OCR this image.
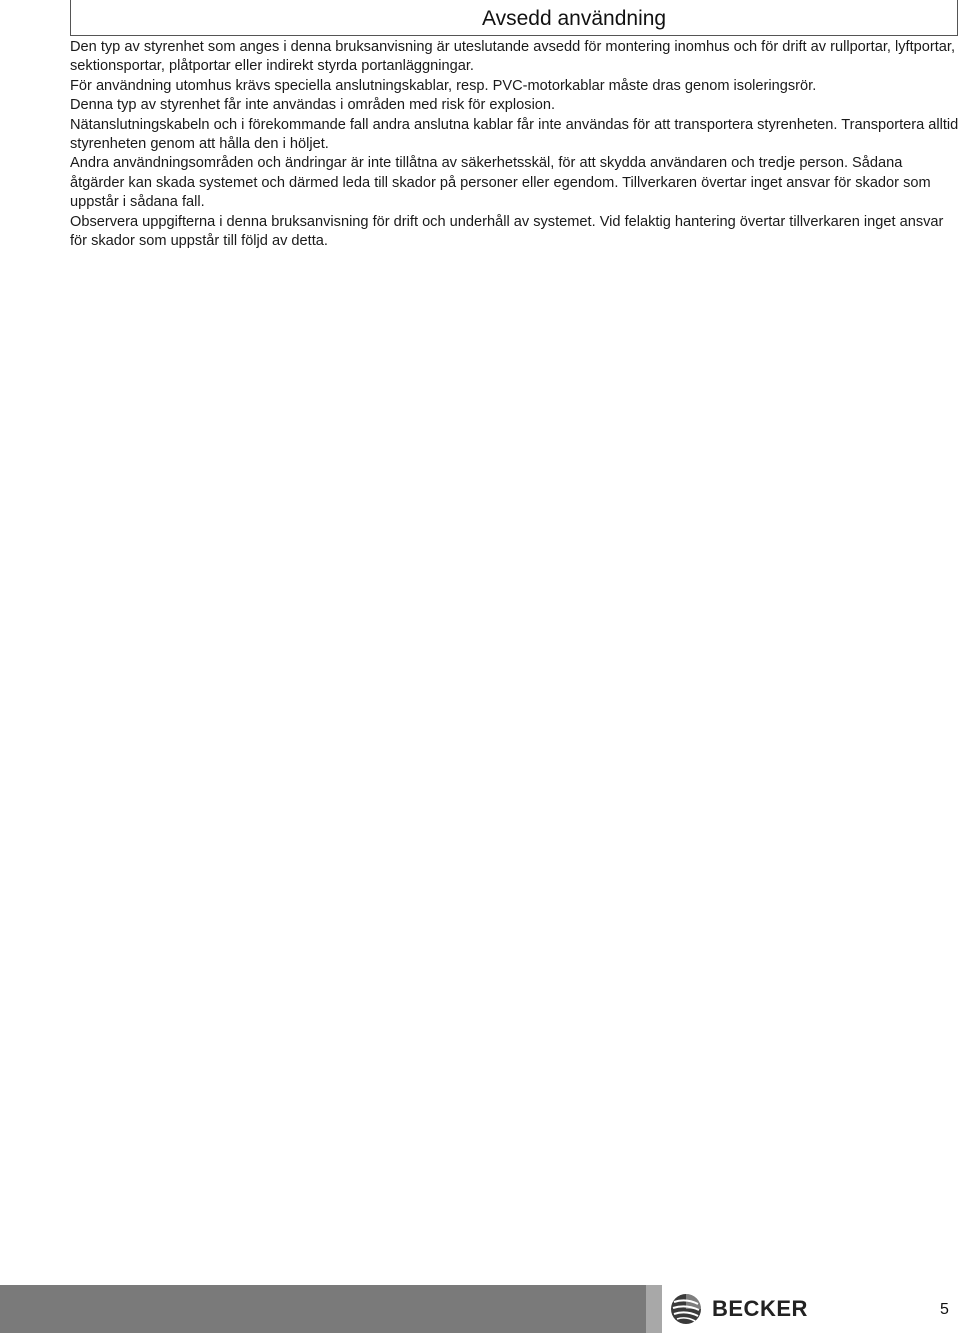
Avsedd användning

Den typ av styrenhet som anges i denna bruksanvisning är uteslutande avsedd för montering inomhus och för drift av rullportar, lyftportar, sektionsportar, plåtportar eller indirekt styrda portanläggningar.

För användning utomhus krävs speciella anslutningskablar, resp. PVC-motorkablar måste dras genom isoleringsrör.

Denna typ av styrenhet får inte användas i områden med risk för explosion.

Nätanslutningskabeln och i förekommande fall andra anslutna kablar får inte användas för att transportera styrenheten. Transportera alltid styrenheten genom att hålla den i höljet.

Andra användningsområden och ändringar är inte tillåtna av säkerhetsskäl, för att skydda användaren och tredje person. Sådana åtgärder kan skada systemet och därmed leda till skador på personer eller egendom. Tillverkaren övertar inget ansvar för skador som uppstår i sådana fall.

Observera uppgifterna i denna bruksanvisning för drift och underhåll av systemet. Vid felaktig hantering övertar tillverkaren inget ansvar för skador som uppstår till följd av detta.

BECKER	5
